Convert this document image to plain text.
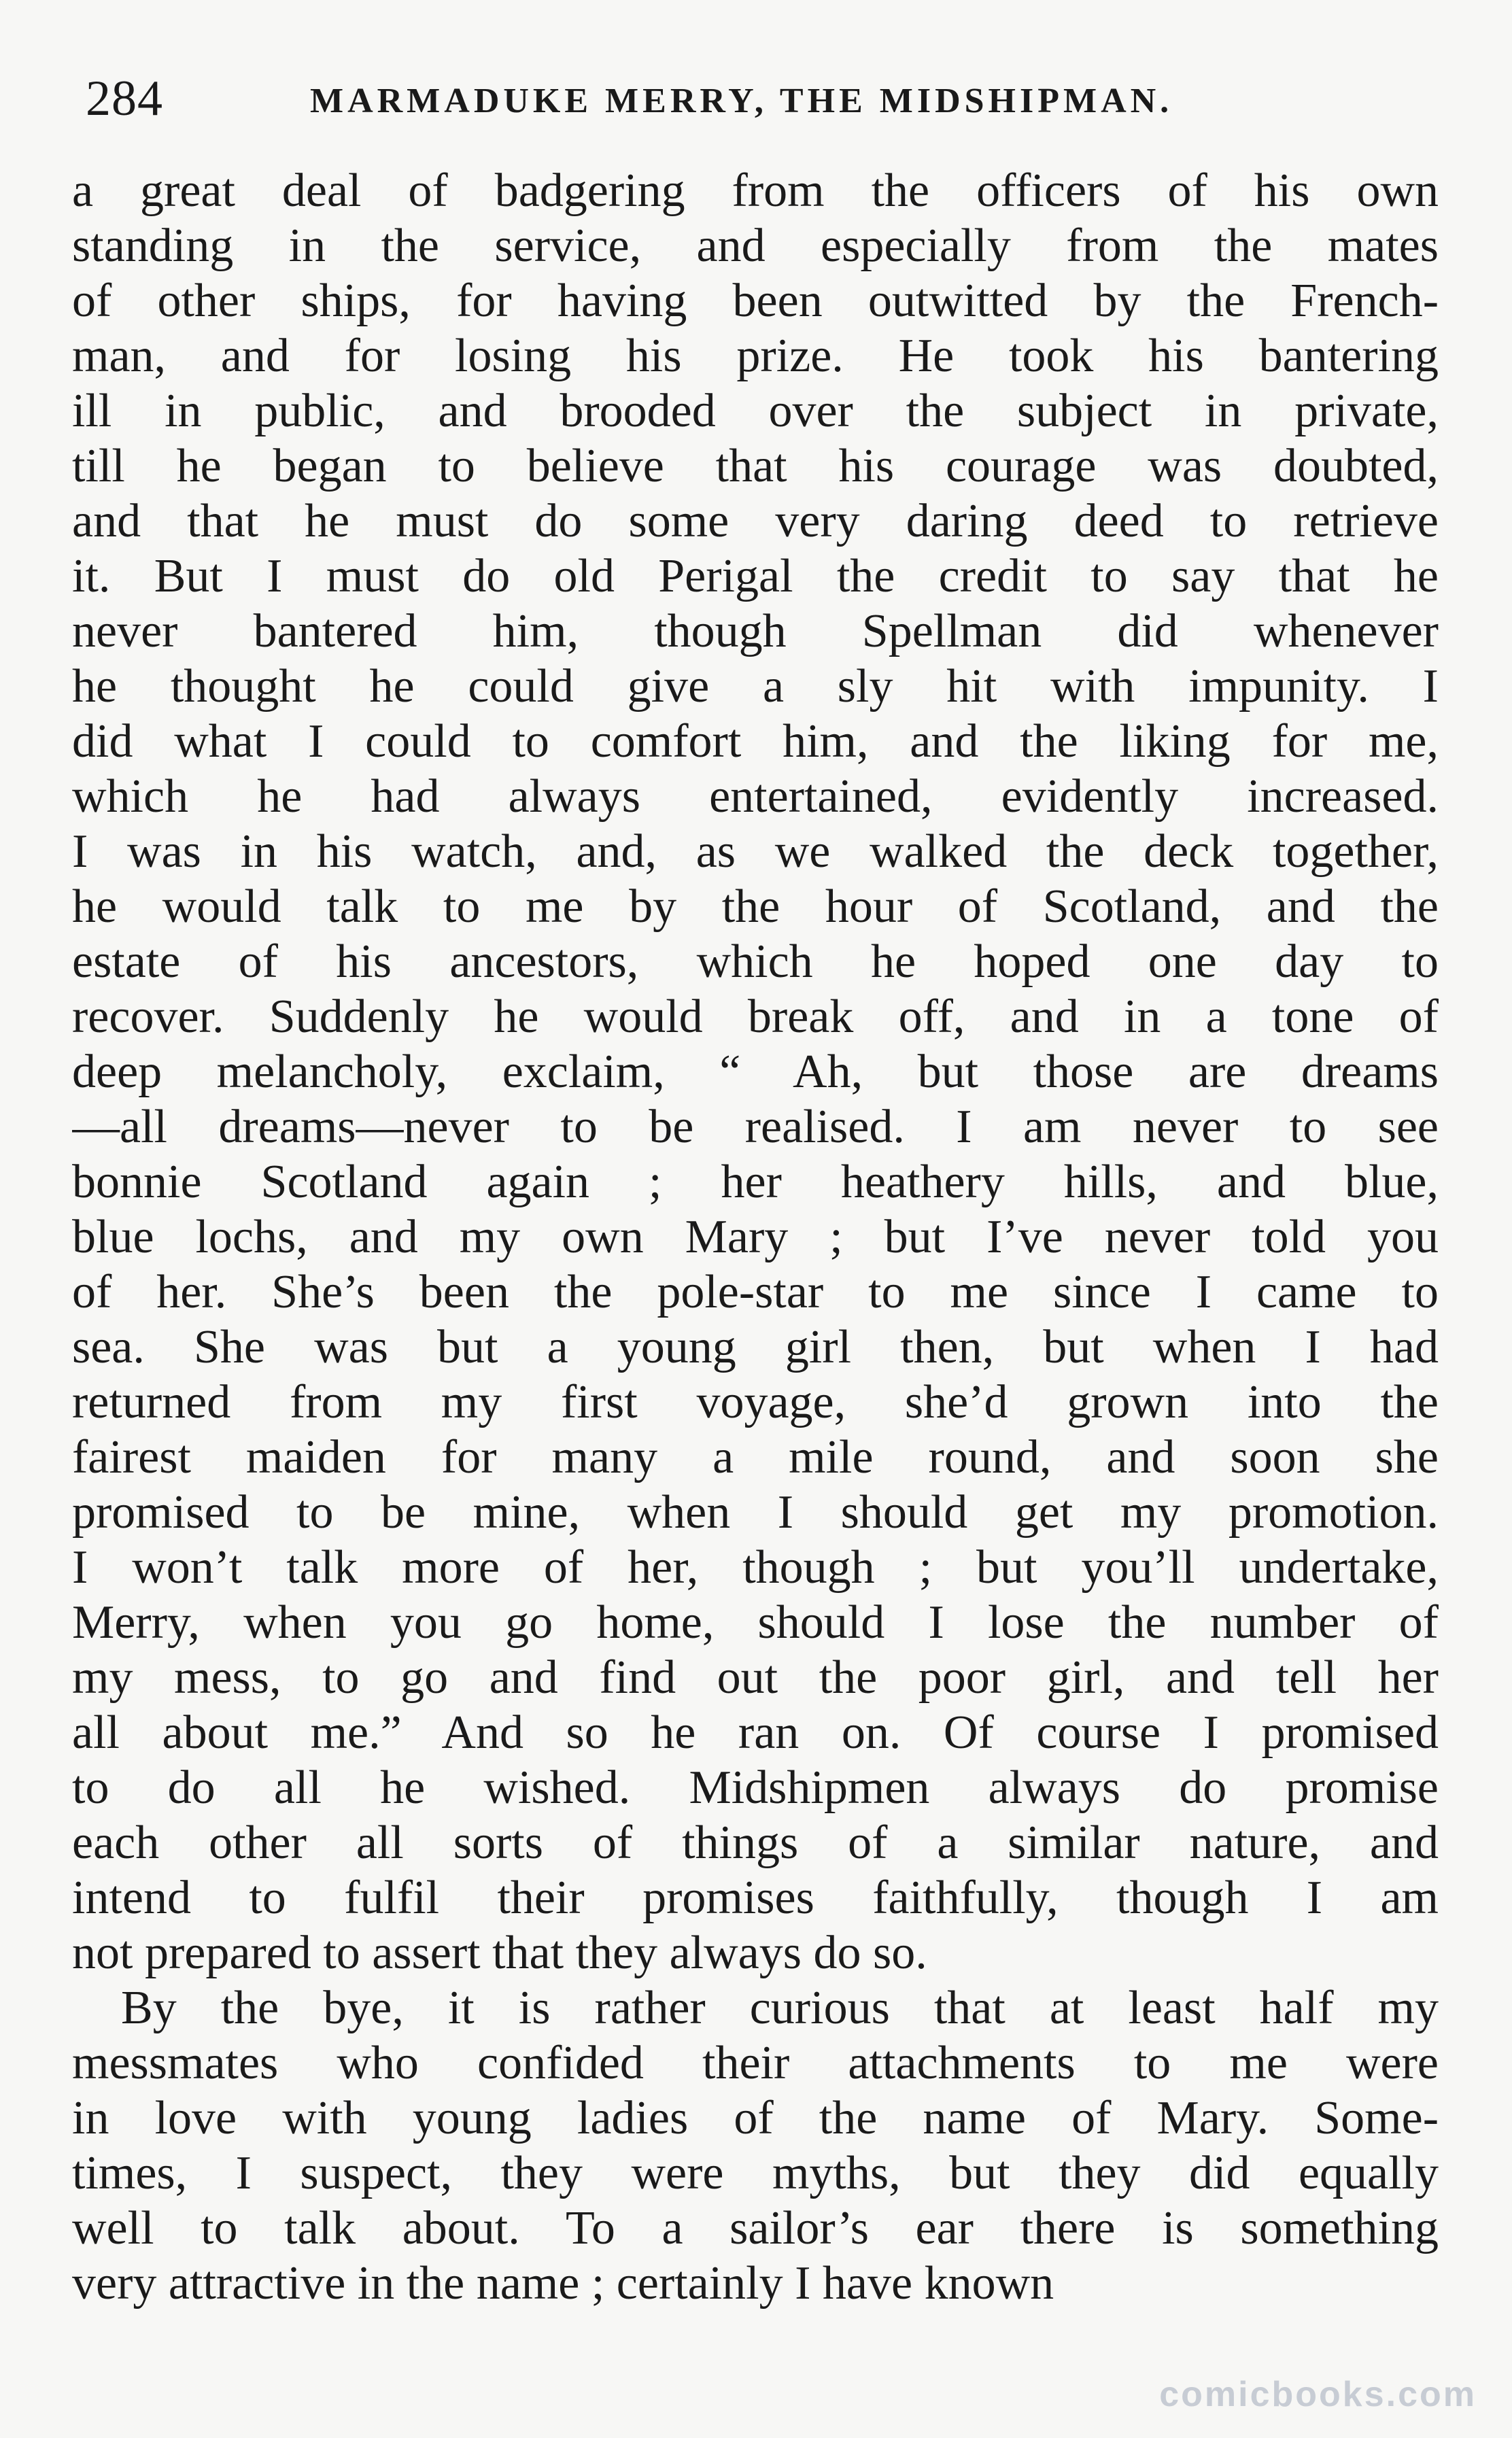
284	MARMADUKE MERRY, THE MIDSHIPMAN.
a great deal of badgering from the officers of his own
standing in the service, and especially from the mates
of other ships, for having been outwitted by the French-
man, and for losing his prize. He took his bantering
ill in public, and brooded over the subject in private,
till he began to believe that his courage was doubted,
and that he must do some very daring deed to retrieve
it. But I must do old Perigal the credit to say that he
never bantered him, though Spellman did whenever
he thought he could give a sly hit with impunity. I
did what I could to comfort him, and the liking for me,
which he had always entertained, evidently increased.
I was in his watch, and, as we walked the deck together,
he would talk to me by the hour of Scotland, and the
estate of his ancestors, which he hoped one day to
recover. Suddenly he would break off, and in a tone of
deep melancholy, exclaim, “ Ah, but those are dreams
—all dreams—never to be realised. I am never to see
bonnie Scotland again ; her heathery hills, and blue,
blue lochs, and my own Mary ; but I’ve never told you
of her. She’s been the pole-star to me since I came to
sea. She was but a young girl then, but when I had
returned from my first voyage, she’d grown into the
fairest maiden for many a mile round, and soon she
promised to be mine, when I should get my promotion.
I won’t talk more of her, though ; but you’ll undertake,
Merry, when you go home, should I lose the number of
my mess, to go and find out the poor girl, and tell her
all about me.” And so he ran on. Of course I promised
to do all he wished. Midshipmen always do promise
each other all sorts of things of a similar nature, and
intend to fulfil their promises faithfully, though I am
not prepared to assert that they always do so.
By the bye, it is rather curious that at least half my
messmates who confided their attachments to me were
in love with young ladies of the name of Mary. Some-
times, I suspect, they were myths, but they did equally
well to talk about. To a sailor’s ear there is something
very attractive in the name ; certainly I have known
comicbooks.com
